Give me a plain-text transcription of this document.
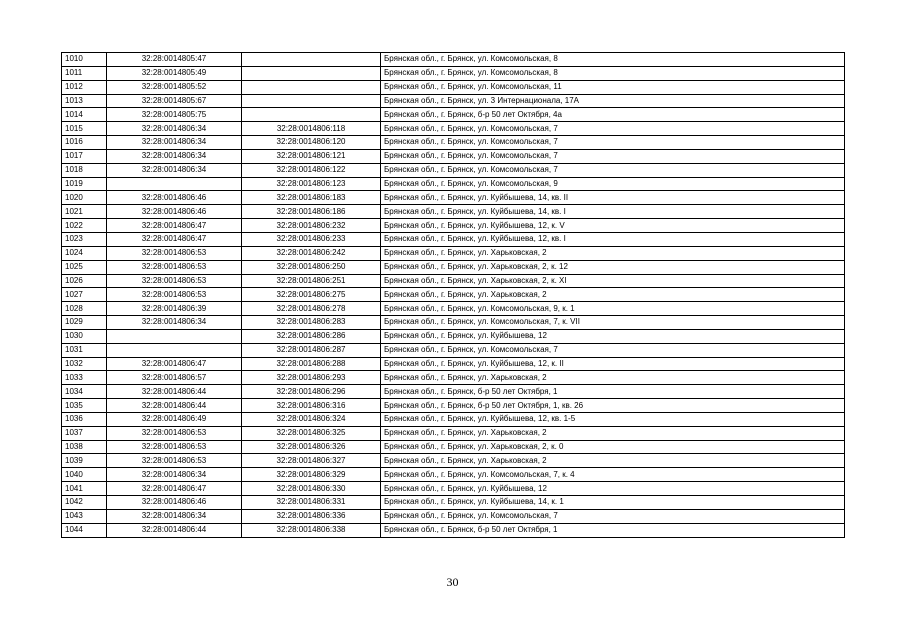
1010	32:28:0014805:47		Брянская обл., г. Брянск, ул. Комсомольская, 8
1011	32:28:0014805:49		Брянская обл., г. Брянск, ул. Комсомольская, 8
1012	32:28:0014805:52		Брянская обл., г. Брянск, ул. Комсомольская, 11
1013	32:28:0014805:67		Брянская обл., г. Брянск, ул. 3 Интернационала, 17А
1014	32:28:0014805:75		Брянская обл., г. Брянск, б-р 50 лет Октября, 4а
1015	32:28:0014806:34	32:28:0014806:118	Брянская обл., г. Брянск, ул. Комсомольская, 7
1016	32:28:0014806:34	32:28:0014806:120	Брянская обл., г. Брянск, ул. Комсомольская, 7
1017	32:28:0014806:34	32:28:0014806:121	Брянская обл., г. Брянск, ул. Комсомольская, 7
1018	32:28:0014806:34	32:28:0014806:122	Брянская обл., г. Брянск, ул. Комсомольская, 7
1019		32:28:0014806:123	Брянская обл., г. Брянск, ул. Комсомольская, 9
1020	32:28:0014806:46	32:28:0014806:183	Брянская обл., г. Брянск, ул. Куйбышева, 14, кв. II
1021	32:28:0014806:46	32:28:0014806:186	Брянская обл., г. Брянск, ул. Куйбышева, 14, кв. I
1022	32:28:0014806:47	32:28:0014806:232	Брянская обл., г. Брянск, ул. Куйбышева, 12, к. V
1023	32:28:0014806:47	32:28:0014806:233	Брянская обл., г. Брянск, ул. Куйбышева, 12, кв. I
1024	32:28:0014806:53	32:28:0014806:242	Брянская обл., г. Брянск, ул. Харьковская, 2
1025	32:28:0014806:53	32:28:0014806:250	Брянская обл., г. Брянск, ул. Харьковская, 2, к. 12
1026	32:28:0014806:53	32:28:0014806:251	Брянская обл., г. Брянск, ул. Харьковская, 2, к. XI
1027	32:28:0014806:53	32:28:0014806:275	Брянская обл., г. Брянск, ул. Харьковская, 2
1028	32:28:0014806:39	32:28:0014806:278	Брянская обл., г. Брянск, ул. Комсомольская, 9, к. 1
1029	32:28:0014806:34	32:28:0014806:283	Брянская обл., г. Брянск, ул. Комсомольская, 7, к. VII
1030		32:28:0014806:286	Брянская обл., г. Брянск, ул. Куйбышева, 12
1031		32:28:0014806:287	Брянская обл., г. Брянск, ул. Комсомольская, 7
1032	32:28:0014806:47	32:28:0014806:288	Брянская обл., г. Брянск, ул. Куйбышева, 12, к. II
1033	32:28:0014806:57	32:28:0014806:293	Брянская обл., г. Брянск, ул. Харьковская, 2
1034	32:28:0014806:44	32:28:0014806:296	Брянская обл., г. Брянск, б-р 50 лет Октября, 1
1035	32:28:0014806:44	32:28:0014806:316	Брянская обл., г. Брянск, б-р 50 лет Октября, 1, кв. 26
1036	32:28:0014806:49	32:28:0014806:324	Брянская обл., г. Брянск, ул. Куйбышева, 12, кв. 1-5
1037	32:28:0014806:53	32:28:0014806:325	Брянская обл., г. Брянск, ул. Харьковская, 2
1038	32:28:0014806:53	32:28:0014806:326	Брянская обл., г. Брянск, ул. Харьковская, 2, к. 0
1039	32:28:0014806:53	32:28:0014806:327	Брянская обл., г. Брянск, ул. Харьковская, 2
1040	32:28:0014806:34	32:28:0014806:329	Брянская обл., г. Брянск, ул. Комсомольская, 7, к. 4
1041	32:28:0014806:47	32:28:0014806:330	Брянская обл., г. Брянск, ул. Куйбышева, 12
1042	32:28:0014806:46	32:28:0014806:331	Брянская обл., г. Брянск, ул. Куйбышева, 14, к. 1
1043	32:28:0014806:34	32:28:0014806:336	Брянская обл., г. Брянск, ул. Комсомольская, 7
1044	32:28:0014806:44	32:28:0014806:338	Брянская обл., г. Брянск, б-р 50 лет Октября, 1
30
